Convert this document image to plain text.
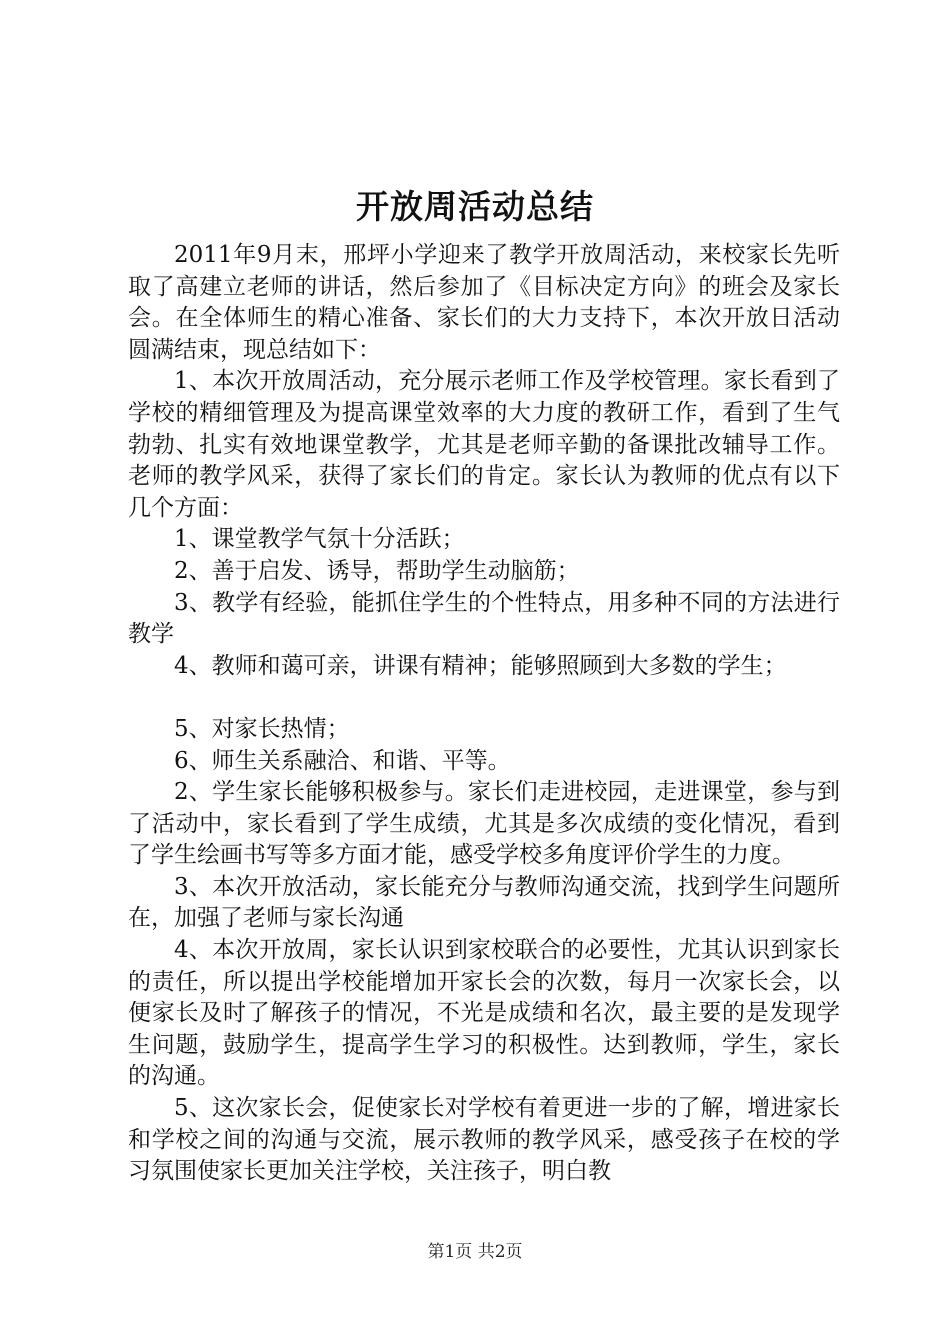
开放周活动总结

2011年9月末，邢坪小学迎来了教学开放周活动，来校家长先听取了高建立老师的讲话，然后参加了《目标决定方向》的班会及家长会。在全体师生的精心准备、家长们的大力支持下，本次开放日活动圆满结束，现总结如下：

1、本次开放周活动，充分展示老师工作及学校管理。家长看到了学校的精细管理及为提高课堂效率的大力度的教研工作，看到了生气勃勃、扎实有效地课堂教学，尤其是老师辛勤的备课批改辅导工作。老师的教学风采，获得了家长们的肯定。家长认为教师的优点有以下几个方面：

1、课堂教学气氛十分活跃；

2、善于启发、诱导，帮助学生动脑筋；

3、教学有经验，能抓住学生的个性特点，用多种不同的方法进行教学

4、教师和蔼可亲，讲课有精神；能够照顾到大多数的学生；

5、对家长热情；

6、师生关系融洽、和谐、平等。

2、学生家长能够积极参与。家长们走进校园，走进课堂，参与到了活动中，家长看到了学生成绩，尤其是多次成绩的变化情况，看到了学生绘画书写等多方面才能，感受学校多角度评价学生的力度。

3、本次开放活动，家长能充分与教师沟通交流，找到学生问题所在，加强了老师与家长沟通

4、本次开放周，家长认识到家校联合的必要性，尤其认识到家长的责任，所以提出学校能增加开家长会的次数，每月一次家长会，以便家长及时了解孩子的情况，不光是成绩和名次，最主要的是发现学生问题，鼓励学生，提高学生学习的积极性。达到教师，学生，家长的沟通。

5、这次家长会，促使家长对学校有着更进一步的了解，增进家长和学校之间的沟通与交流，展示教师的教学风采，感受孩子在校的学习氛围使家长更加关注学校，关注孩子，明白教

第1页 共2页
